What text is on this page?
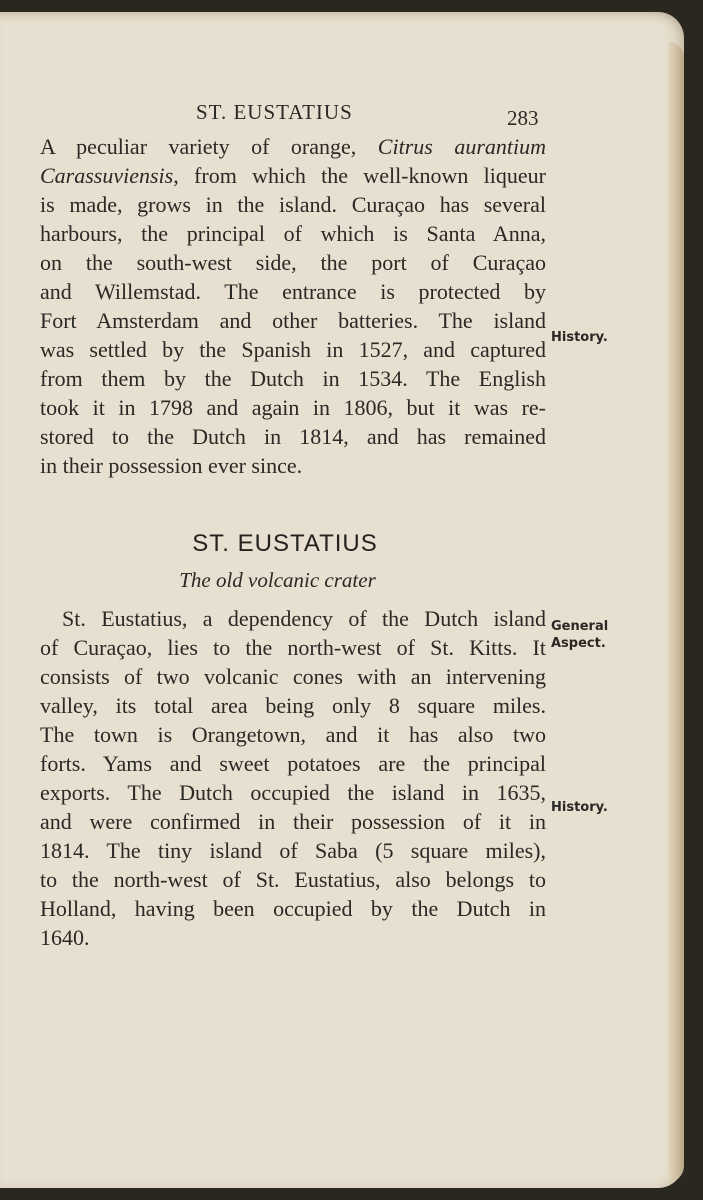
ST. EUSTATIUS	283
A peculiar variety of orange, Citrus aurantium
Carassuviensis, from which the well-known liqueur
is made, grows in the island. Curaçao has several
harbours, the principal of which is Santa Anna,
on the south-west side, the port of Curaçao
and Willemstad. The entrance is protected by
Fort Amsterdam and other batteries. The island
was settled by the Spanish in 1527, and captured
from them by the Dutch in 1534. The English
took it in 1798 and again in 1806, but it was re-
stored to the Dutch in 1814, and has remained
in their possession ever since.
History.
ST. EUSTATIUS
The old volcanic crater
St. Eustatius, a dependency of the Dutch island
of Curaçao, lies to the north-west of St. Kitts. It
consists of two volcanic cones with an intervening
valley, its total area being only 8 square miles.
The town is Orangetown, and it has also two
forts. Yams and sweet potatoes are the principal
exports. The Dutch occupied the island in 1635,
and were confirmed in their possession of it in
1814. The tiny island of Saba (5 square miles),
to the north-west of St. Eustatius, also belongs to
Holland, having been occupied by the Dutch in
1640.
General
Aspect.
History.
